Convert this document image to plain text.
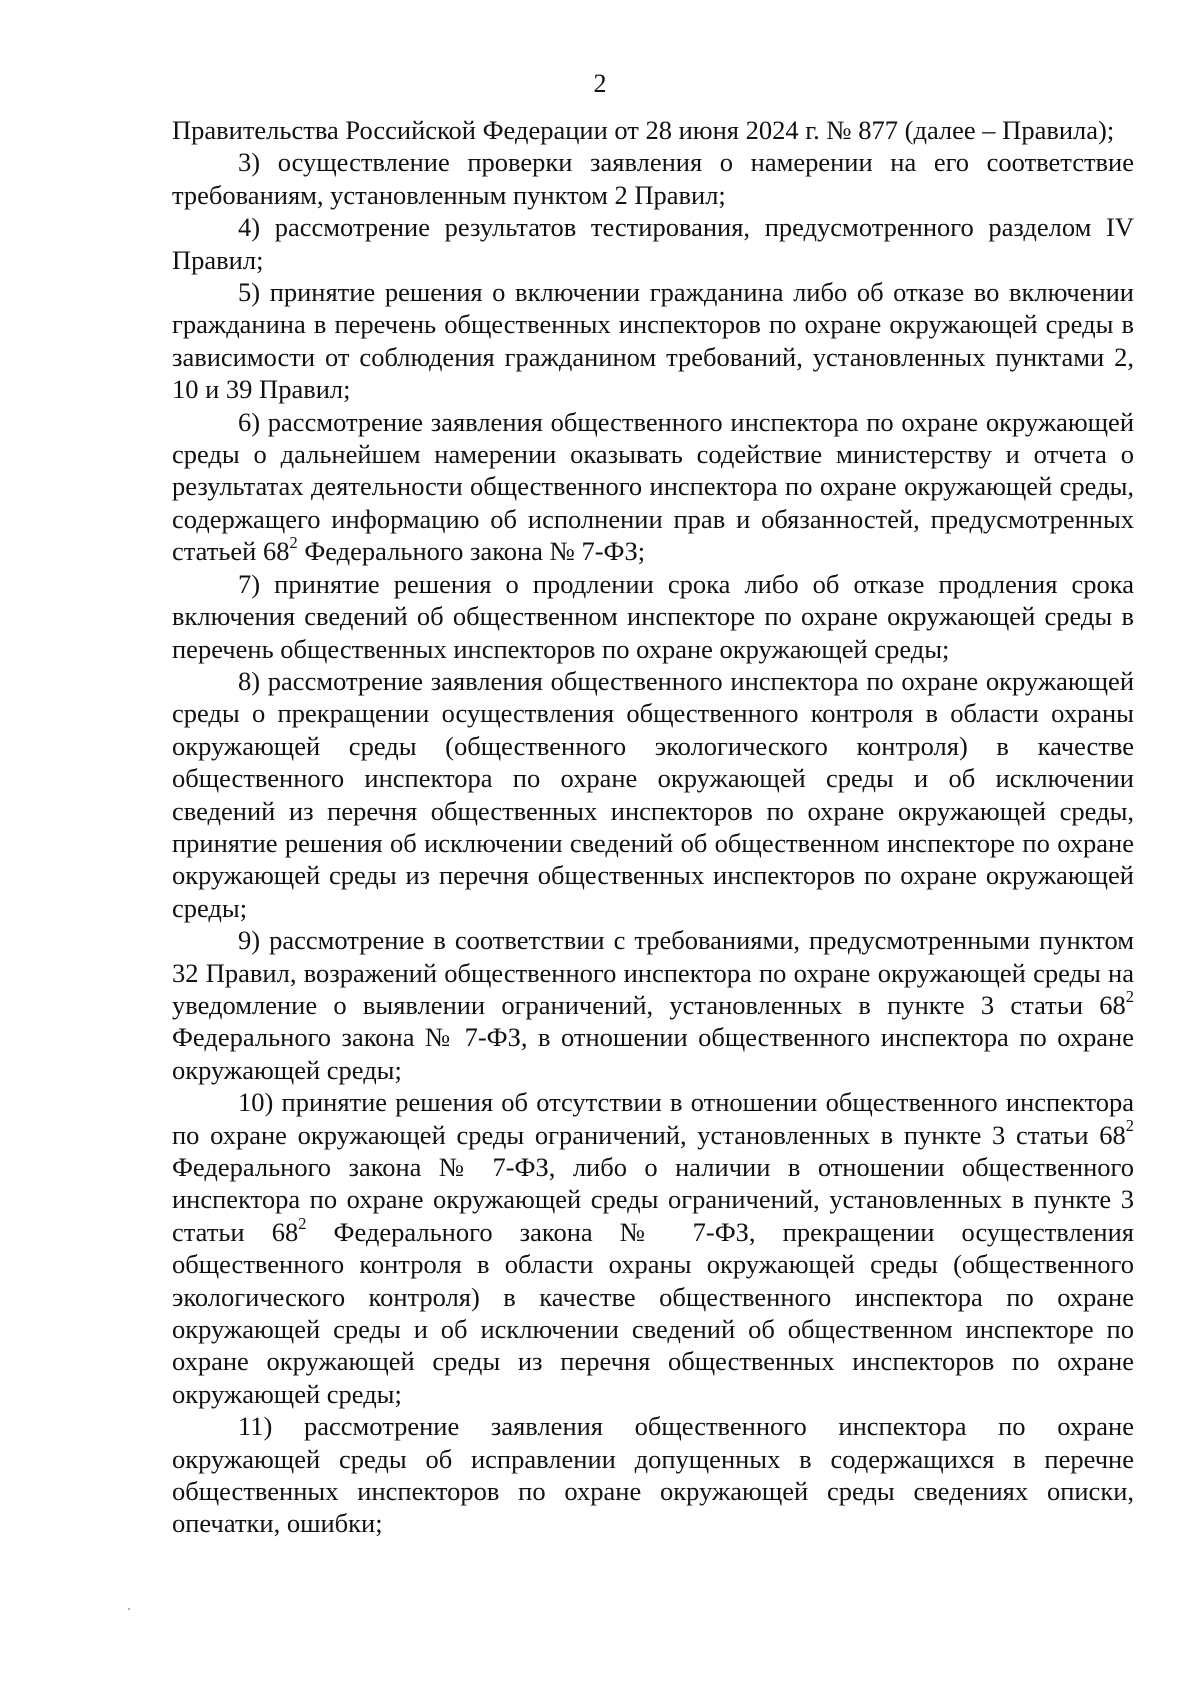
2

Правительства Российской Федерации от 28 июня 2024 г. № 877 (далее – Правила);

3) осуществление проверки заявления о намерении на его соответствие требованиям, установленным пунктом 2 Правил;

4) рассмотрение результатов тестирования, предусмотренного разделом IV Правил;

5) принятие решения о включении гражданина либо об отказе во включении гражданина в перечень общественных инспекторов по охране окружающей среды в зависимости от соблюдения гражданином требований, установленных пунктами 2, 10 и 39 Правил;

6) рассмотрение заявления общественного инспектора по охране окружающей среды о дальнейшем намерении оказывать содействие министерству и отчета о результатах деятельности общественного инспектора по охране окружающей среды, содержащего информацию об исполнении прав и обязанностей, предусмотренных статьей $68^2$ Федерального закона № 7-ФЗ;

7) принятие решения о продлении срока либо об отказе продления срока включения сведений об общественном инспекторе по охране окружающей среды в перечень общественных инспекторов по охране окружающей среды;

8) рассмотрение заявления общественного инспектора по охране окружающей среды о прекращении осуществления общественного контроля в области охраны окружающей среды (общественного экологического контроля) в качестве общественного инспектора по охране окружающей среды и об исключении сведений из перечня общественных инспекторов по охране окружающей среды, принятие решения об исключении сведений об общественном инспекторе по охране окружающей среды из перечня общественных инспекторов по охране окружающей среды;

9) рассмотрение в соответствии с требованиями, предусмотренными пунктом 32 Правил, возражений общественного инспектора по охране окружающей среды на уведомление о выявлении ограничений, установленных в пункте 3 статьи $68^2$ Федерального закона № 7-ФЗ, в отношении общественного инспектора по охране окружающей среды;

10) принятие решения об отсутствии в отношении общественного инспектора по охране окружающей среды ограничений, установленных в пункте 3 статьи $68^2$ Федерального закона № 7-ФЗ, либо о наличии в отношении общественного инспектора по охране окружающей среды ограничений, установленных в пункте 3 статьи $68^2$ Федерального закона № 7-ФЗ, прекращении осуществления общественного контроля в области охраны окружающей среды (общественного экологического контроля) в качестве общественного инспектора по охране окружающей среды и об исключении сведений об общественном инспекторе по охране окружающей среды из перечня общественных инспекторов по охране окружающей среды;

11) рассмотрение заявления общественного инспектора по охране окружающей среды об исправлении допущенных в содержащихся в перечне общественных инспекторов по охране окружающей среды сведениях описки, опечатки, ошибки;
